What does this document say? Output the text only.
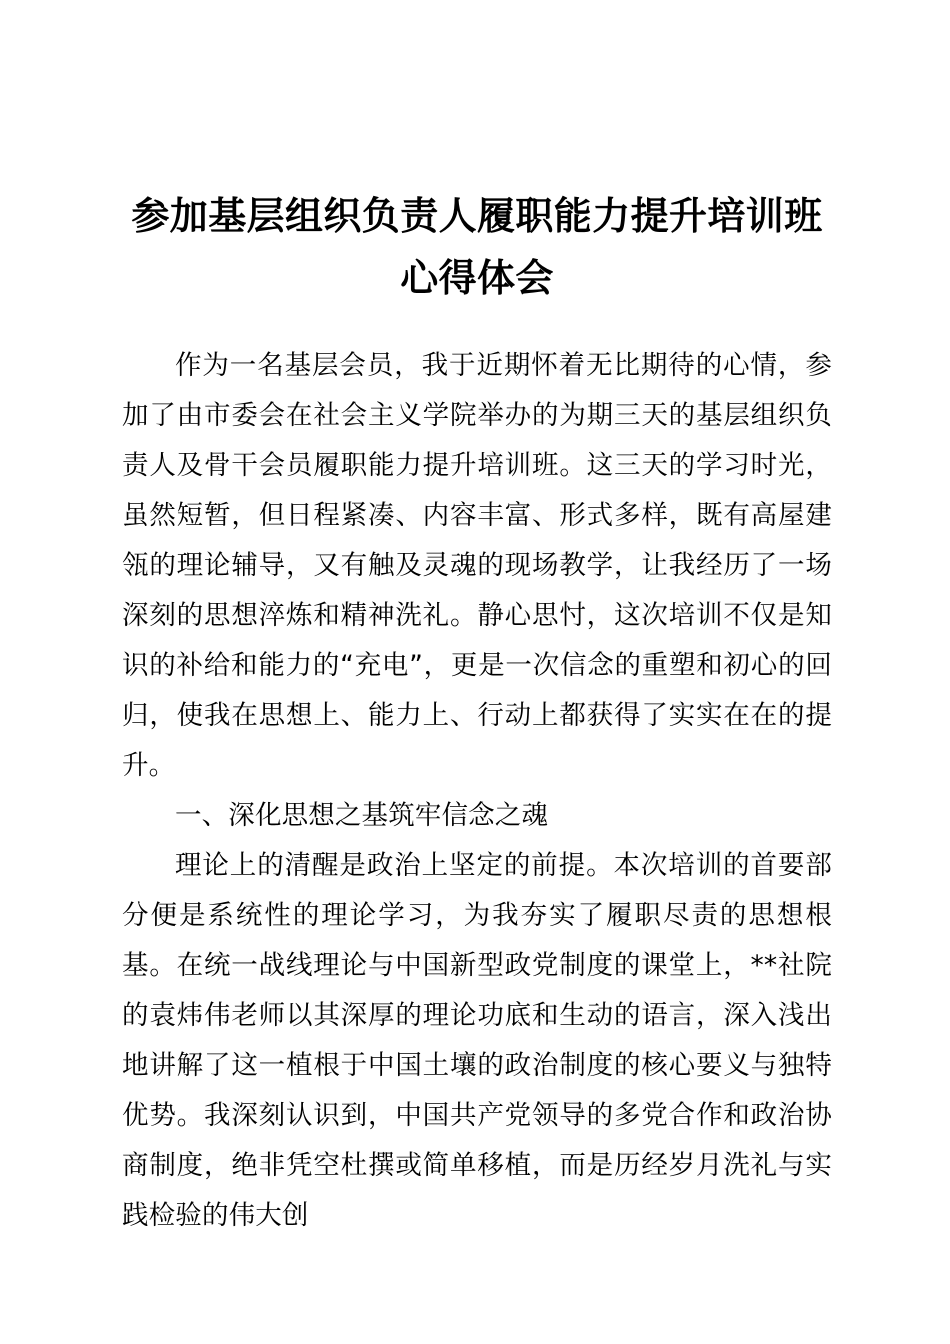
参加基层组织负责人履职能力提升培训班
心得体会

作为一名基层会员，我于近期怀着无比期待的心情，参加了由市委会在社会主义学院举办的为期三天的基层组织负责人及骨干会员履职能力提升培训班。这三天的学习时光，虽然短暂，但日程紧凑、内容丰富、形式多样，既有高屋建瓴的理论辅导，又有触及灵魂的现场教学，让我经历了一场深刻的思想淬炼和精神洗礼。静心思忖，这次培训不仅是知识的补给和能力的“充电”，更是一次信念的重塑和初心的回归，使我在思想上、能力上、行动上都获得了实实在在的提升。

一、深化思想之基筑牢信念之魂

理论上的清醒是政治上坚定的前提。本次培训的首要部分便是系统性的理论学习，为我夯实了履职尽责的思想根基。在统一战线理论与中国新型政党制度的课堂上，**社院的袁炜伟老师以其深厚的理论功底和生动的语言，深入浅出地讲解了这一植根于中国土壤的政治制度的核心要义与独特优势。我深刻认识到，中国共产党领导的多党合作和政治协商制度，绝非凭空杜撰或简单移植，而是历经岁月洗礼与实践检验的伟大创
